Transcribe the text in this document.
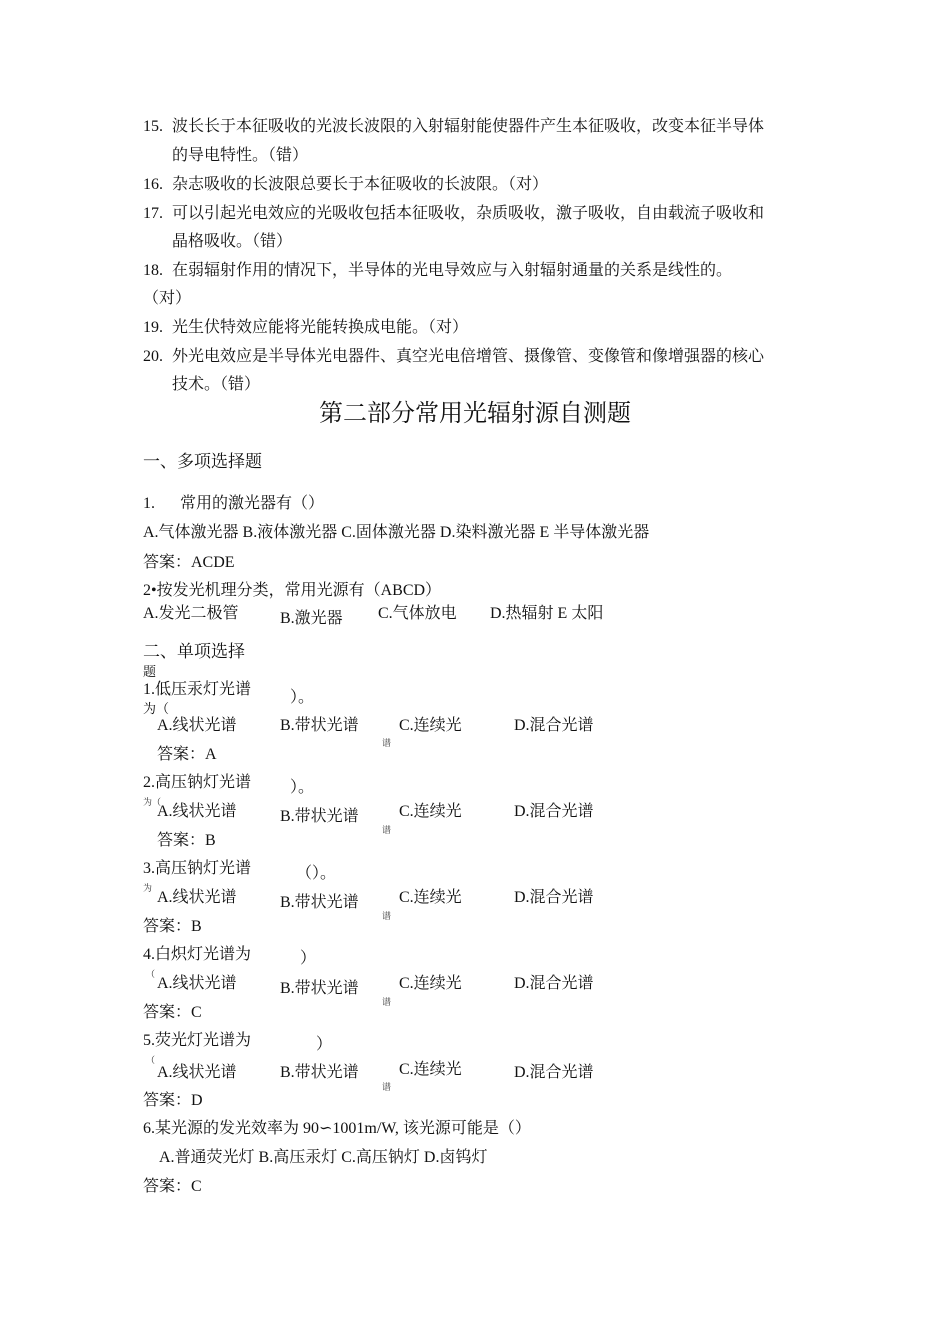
15. 波长长于本征吸收的光波长波限的入射辐射能使器件产生本征吸收，改变本征半导体
的导电特性。（错）
16. 杂志吸收的长波限总要长于本征吸收的长波限。（对）
17. 可以引起光电效应的光吸收包括本征吸收，杂质吸收，激子吸收，自由载流子吸收和
晶格吸收。（错）
18. 在弱辐射作用的情况下，半导体的光电导效应与入射辐射通量的关系是线性的。
（对）
19. 光生伏特效应能将光能转换成电能。（对）
20. 外光电效应是半导体光电器件、真空光电倍增管、摄像管、变像管和像增强器的核心
技术。（错）
第二部分常用光辐射源自测题
一、多项选择题
1. 常用的激光器有（）
A.气体激光器 B.液体激光器 C.固体激光器 D.染料激光器 E 半导体激光器
答案：ACDE
2•按发光机理分类，常用光源有（ABCD）
A.发光二极管	B.激光器 C.气体放电 D.热辐射 E 太阳
二、单项选择
题
1.低压汞灯光谱
为（
）。
A.线状光谱	B.带状光谱
谱
C.连续光	D.混合光谱
答案：A
2.高压钠灯光谱
为（
）。
A.线状光谱	B.带状光谱
谱
C.连续光	D.混合光谱
答案：B
3.高压钠灯光谱
为
（）。
A.线状光谱	B.带状光谱
谱
C.连续光	D.混合光谱
答案：B
4.白炽灯光谱为
（
）
A.线状光谱	B.带状光谱
谱
C.连续光	D.混合光谱
答案：C
5.荧光灯光谱为
（
）
A.线状光谱	B.带状光谱
谱
C.连续光	D.混合光谱
答案：D
6.某光源的发光效率为 90∽1001m/W, 该光源可能是（）
A.普通荧光灯 B.高压汞灯 C.高压钠灯 D.卤钨灯
答案：C
